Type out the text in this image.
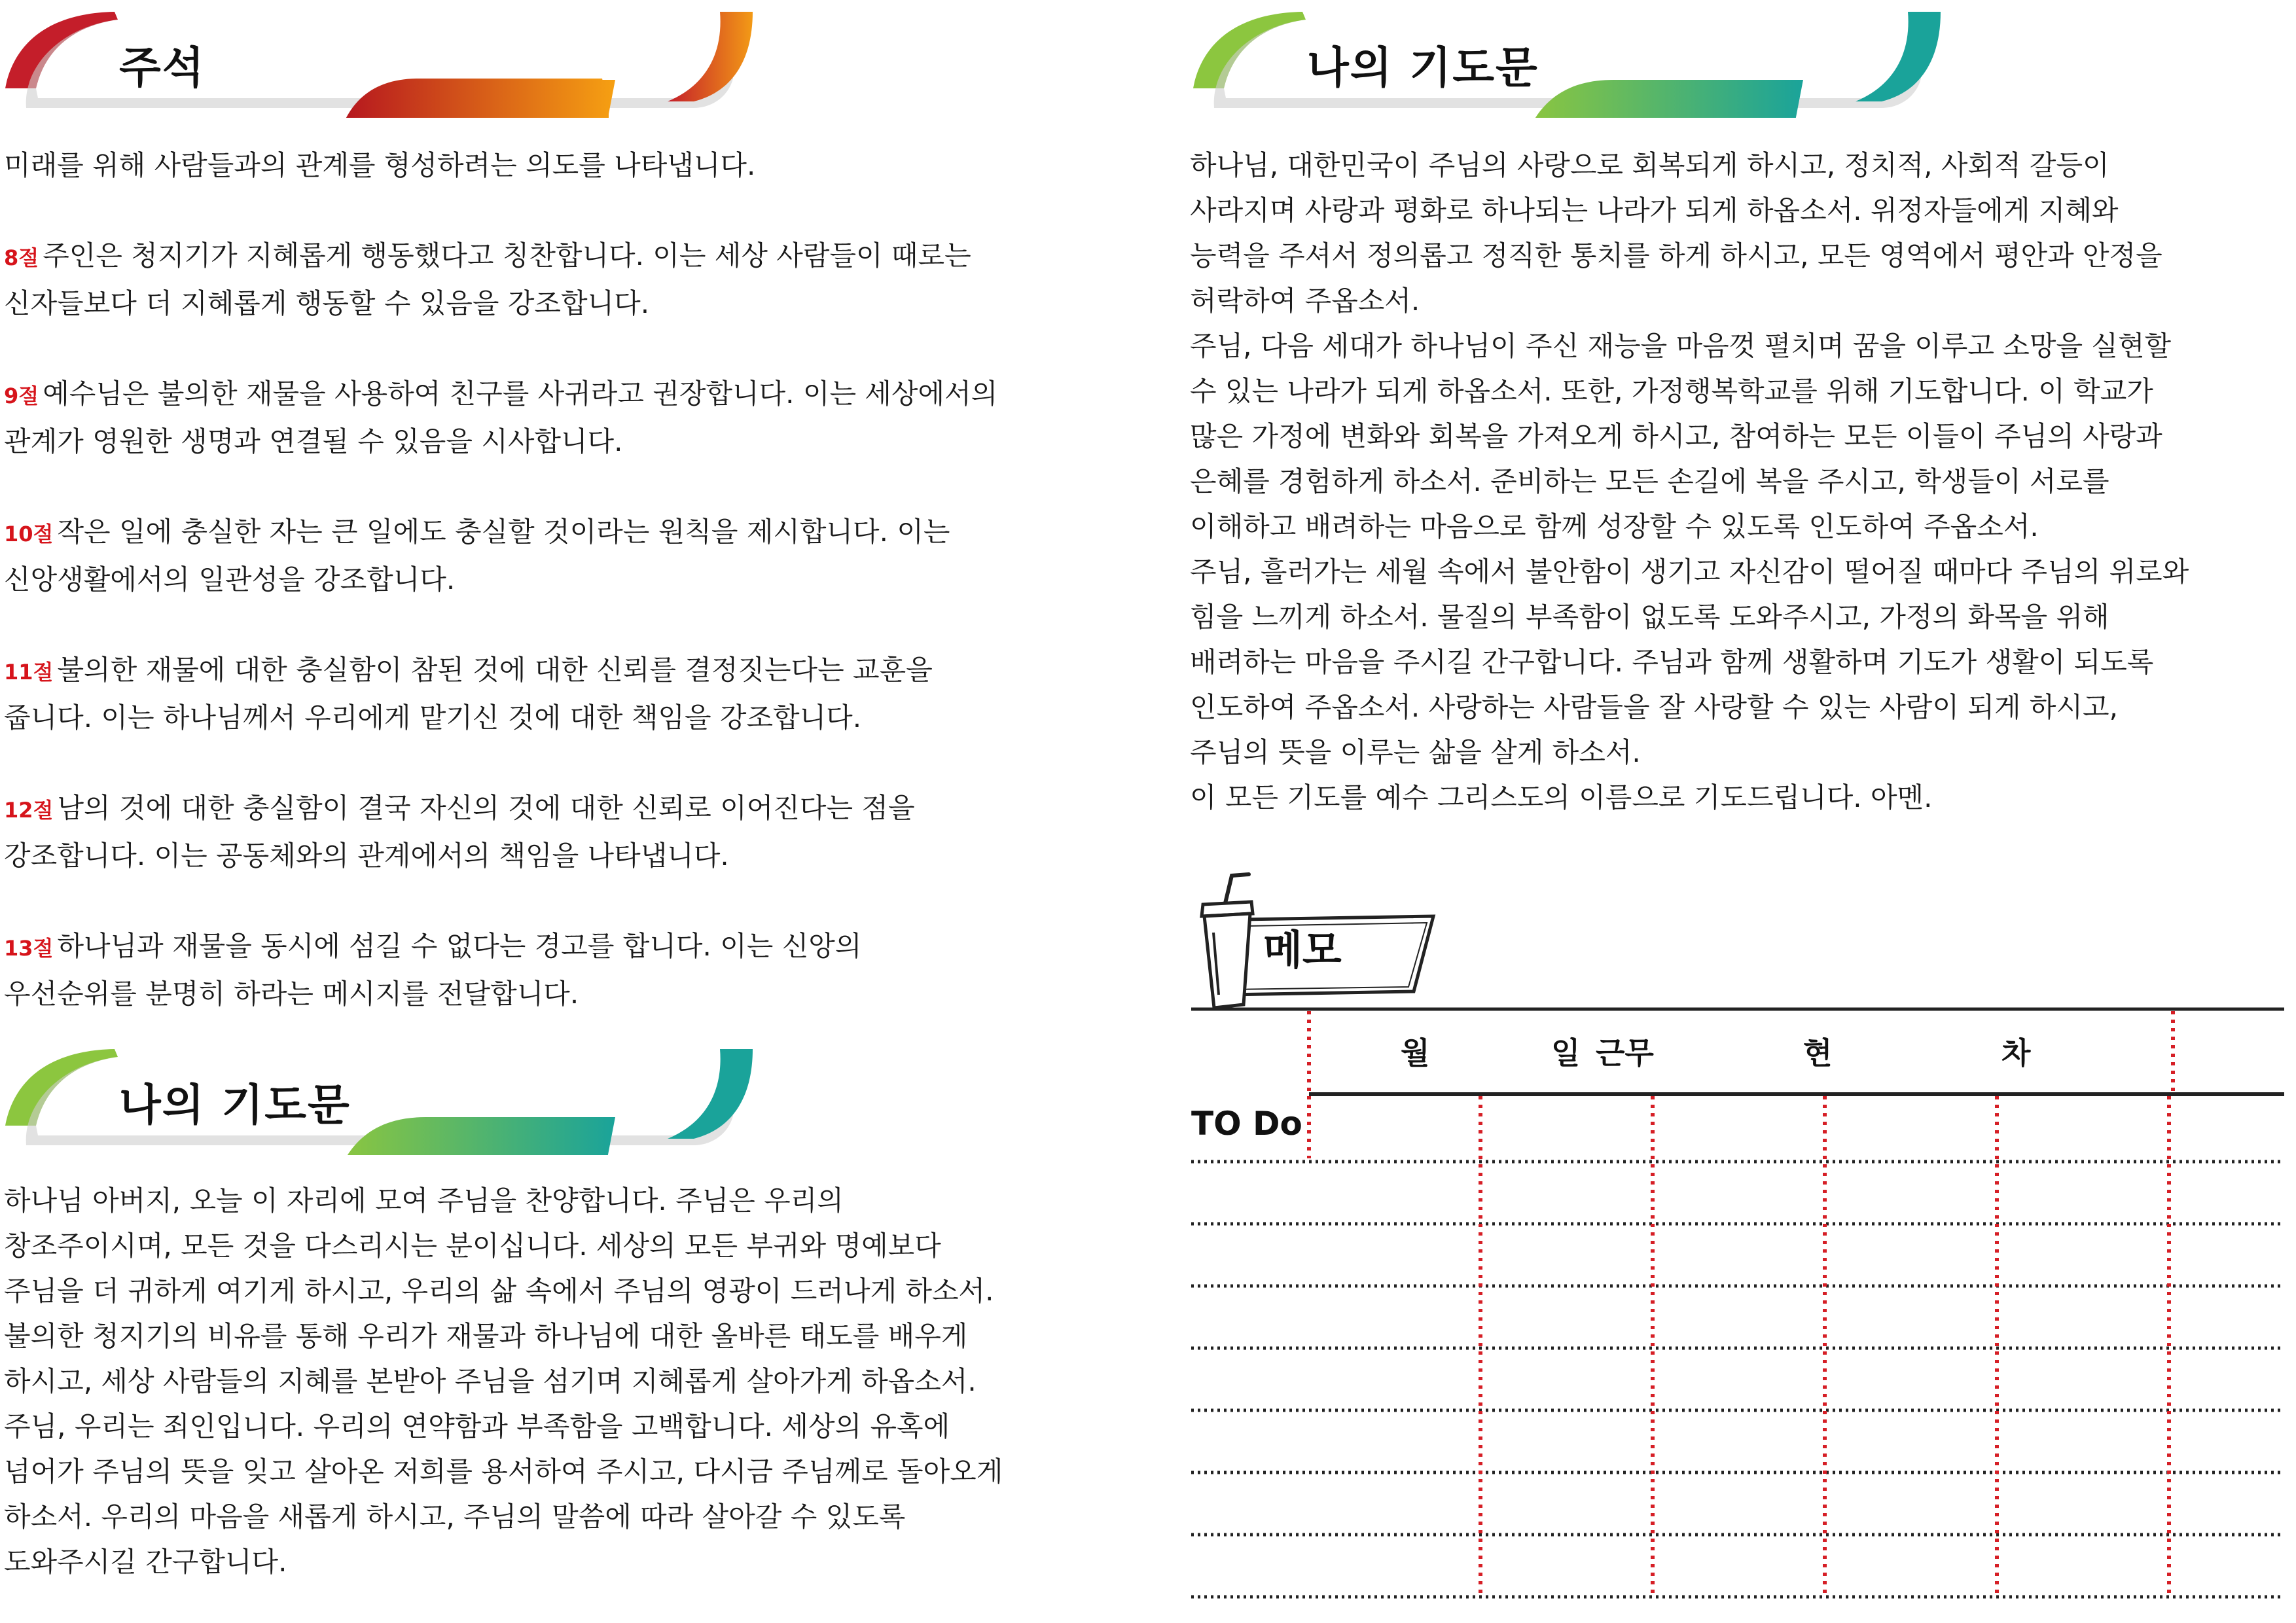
주석

미래를 위해 사람들과의 관계를 형성하려는 의도를 나타냅니다.

8절 주인은 청지기가 지혜롭게 행동했다고 칭찬합니다. 이는 세상 사람들이 때로는

신자들보다 더 지혜롭게 행동할 수 있음을 강조합니다.

9절 예수님은 불의한 재물을 사용하여 친구를 사귀라고 권장합니다. 이는 세상에서의

관계가 영원한 생명과 연결될 수 있음을 시사합니다.

10절 작은 일에 충실한 자는 큰 일에도 충실할 것이라는 원칙을 제시합니다. 이는

신앙생활에서의 일관성을 강조합니다.

11절 불의한 재물에 대한 충실함이 참된 것에 대한 신뢰를 결정짓는다는 교훈을

줍니다. 이는 하나님께서 우리에게 맡기신 것에 대한 책임을 강조합니다.

12절 남의 것에 대한 충실함이 결국 자신의 것에 대한 신뢰로 이어진다는 점을

강조합니다. 이는 공동체와의 관계에서의 책임을 나타냅니다.

13절 하나님과 재물을 동시에 섬길 수 없다는 경고를 합니다. 이는 신앙의

우선순위를 분명히 하라는 메시지를 전달합니다.

나의 기도문

하나님 아버지, 오늘 이 자리에 모여 주님을 찬양합니다. 주님은 우리의

창조주이시며, 모든 것을 다스리시는 분이십니다. 세상의 모든 부귀와 명예보다

주님을 더 귀하게 여기게 하시고, 우리의 삶 속에서 주님의 영광이 드러나게 하소서.

불의한 청지기의 비유를 통해 우리가 재물과 하나님에 대한 올바른 태도를 배우게

하시고, 세상 사람들의 지혜를 본받아 주님을 섬기며 지혜롭게 살아가게 하옵소서.

주님, 우리는 죄인입니다. 우리의 연약함과 부족함을 고백합니다. 세상의 유혹에

넘어가 주님의 뜻을 잊고 살아온 저희를 용서하여 주시고, 다시금 주님께로 돌아오게

하소서. 우리의 마음을 새롭게 하시고, 주님의 말씀에 따라 살아갈 수 있도록

도와주시길 간구합니다.

나의 기도문

하나님, 대한민국이 주님의 사랑으로 회복되게 하시고, 정치적, 사회적 갈등이

사라지며 사랑과 평화로 하나되는 나라가 되게 하옵소서. 위정자들에게 지혜와

능력을 주셔서 정의롭고 정직한 통치를 하게 하시고, 모든 영역에서 평안과 안정을

허락하여 주옵소서.

주님, 다음 세대가 하나님이 주신 재능을 마음껏 펼치며 꿈을 이루고 소망을 실현할

수 있는 나라가 되게 하옵소서. 또한, 가정행복학교를 위해 기도합니다. 이 학교가

많은 가정에 변화와 회복을 가져오게 하시고, 참여하는 모든 이들이 주님의 사랑과

은혜를 경험하게 하소서. 준비하는 모든 손길에 복을 주시고, 학생들이 서로를

이해하고 배려하는 마음으로 함께 성장할 수 있도록 인도하여 주옵소서.

주님, 흘러가는 세월 속에서 불안함이 생기고 자신감이 떨어질 때마다 주님의 위로와

힘을 느끼게 하소서. 물질의 부족함이 없도록 도와주시고, 가정의 화목을 위해

배려하는 마음을 주시길 간구합니다. 주님과 함께 생활하며 기도가 생활이 되도록

인도하여 주옵소서. 사랑하는 사람들을 잘 사랑할 수 있는 사람이 되게 하시고,

주님의 뜻을 이루는 삶을 살게 하소서.

이 모든 기도를 예수 그리스도의 이름으로 기도드립니다. 아멘.

메모
월	일 근무	현	차
TO Do
